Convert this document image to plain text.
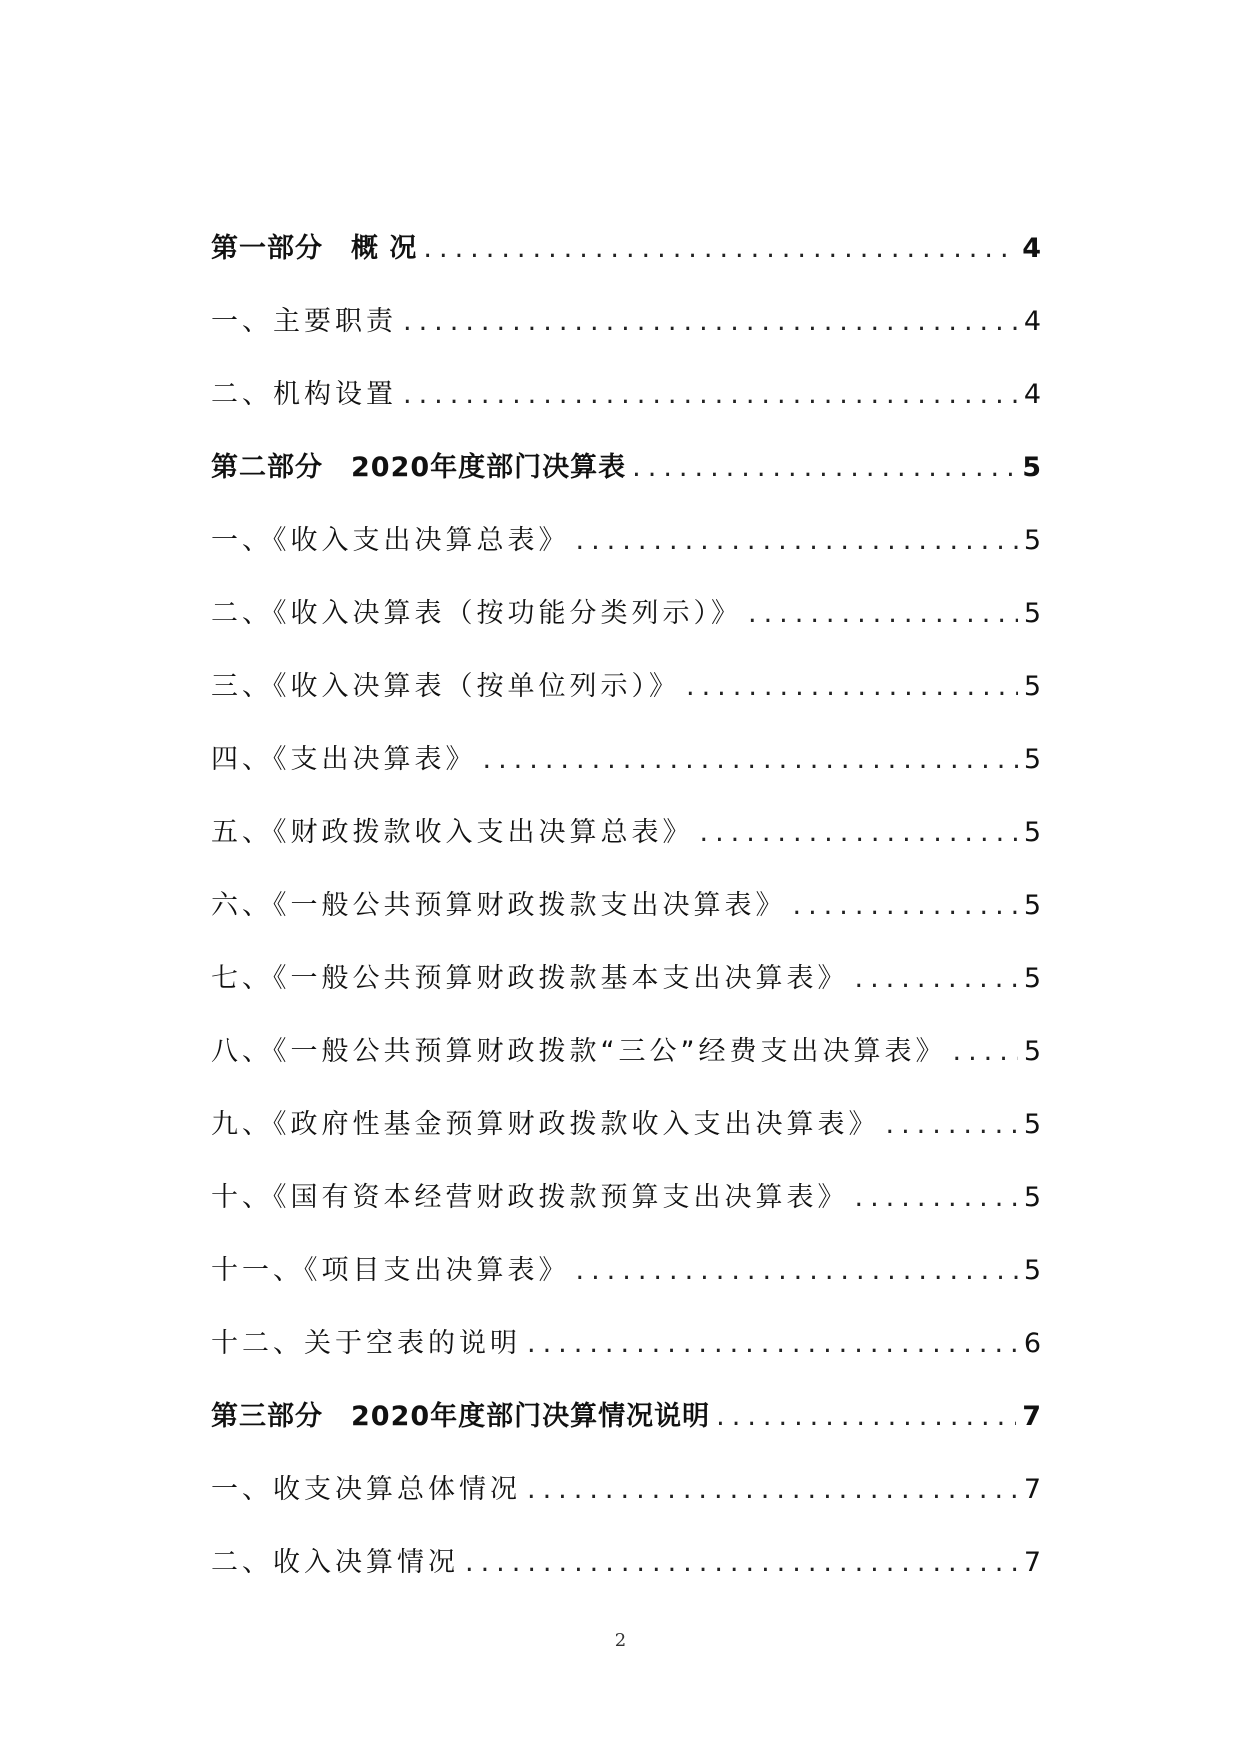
第一部分　概 况 .....	4
一、主要职责 .....	4
二、机构设置 .....	4
第二部分　2020年度部门决算表 .....	5
一、《收入支出决算总表》 .....	5
二、《收入决算表（按功能分类列示）》 .....	5
三、《收入决算表（按单位列示）》 .....	5
四、《支出决算表》 .....	5
五、《财政拨款收入支出决算总表》 .....	5
六、《一般公共预算财政拨款支出决算表》 .....	5
七、《一般公共预算财政拨款基本支出决算表》 .....	5
八、《一般公共预算财政拨款“三公”经费支出决算表》 .....	5
九、《政府性基金预算财政拨款收入支出决算表》 .....	5
十、《国有资本经营财政拨款预算支出决算表》 .....	5
十一、《项目支出决算表》 .....	5
十二、关于空表的说明 .....	6
第三部分　2020年度部门决算情况说明 .....	7
一、收支决算总体情况 .....	7
二、收入决算情况 .....	7
2
